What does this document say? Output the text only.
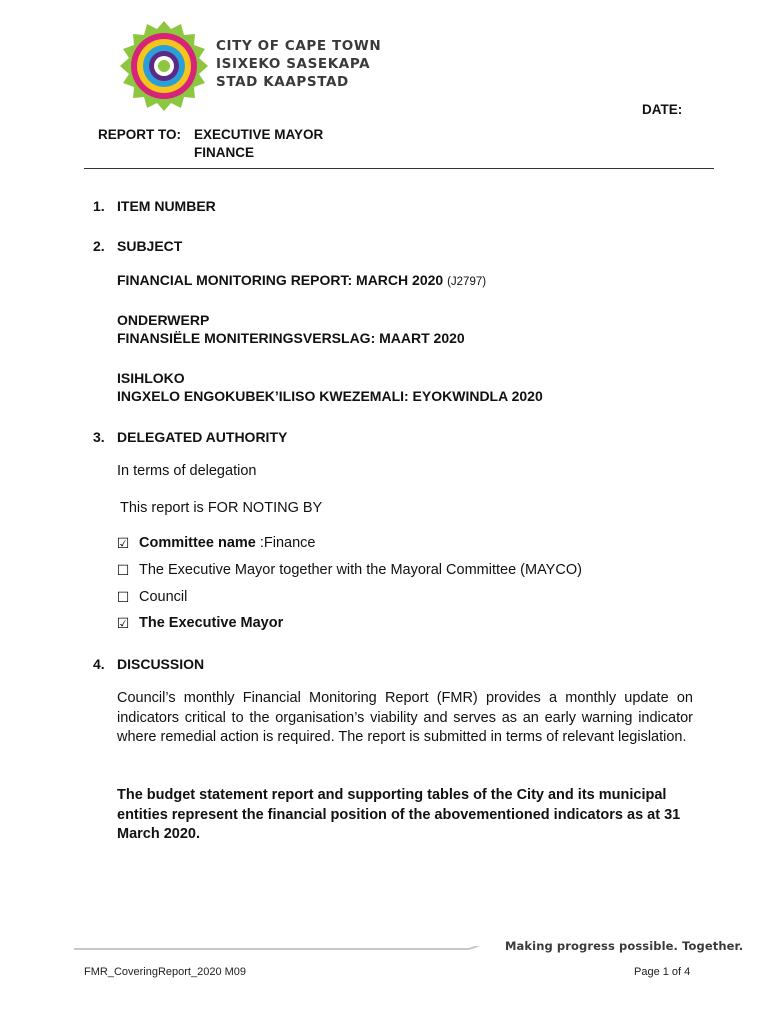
CITY OF CAPE TOWN
ISIXEKO SASEKAPA
STAD KAAPSTAD
DATE:
REPORT TO: EXECUTIVE MAYOR
FINANCE
1. ITEM NUMBER
2. SUBJECT
FINANCIAL MONITORING REPORT: MARCH 2020 (J2797)
ONDERWERP
FINANSIËLE MONITERINGSVERSLAG: MAART 2020
ISIHLOKO
INGXELO ENGOKUBEK’ILISO KWEZEMALI: EYOKWINDLA 2020
3. DELEGATED AUTHORITY
In terms of delegation
This report is FOR NOTING BY
☑ Committee name :Finance
☐ The Executive Mayor together with the Mayoral Committee (MAYCO)
☐ Council
☑ The Executive Mayor
4. DISCUSSION
Council’s monthly Financial Monitoring Report (FMR) provides a monthly update on indicators critical to the organisation’s viability and serves as an early warning indicator where remedial action is required. The report is submitted in terms of relevant legislation.
The budget statement report and supporting tables of the City and its municipal entities represent the financial position of the abovementioned indicators as at 31 March 2020.
Making progress possible. Together.
FMR_CoveringReport_2020 M09	Page 1 of 4
